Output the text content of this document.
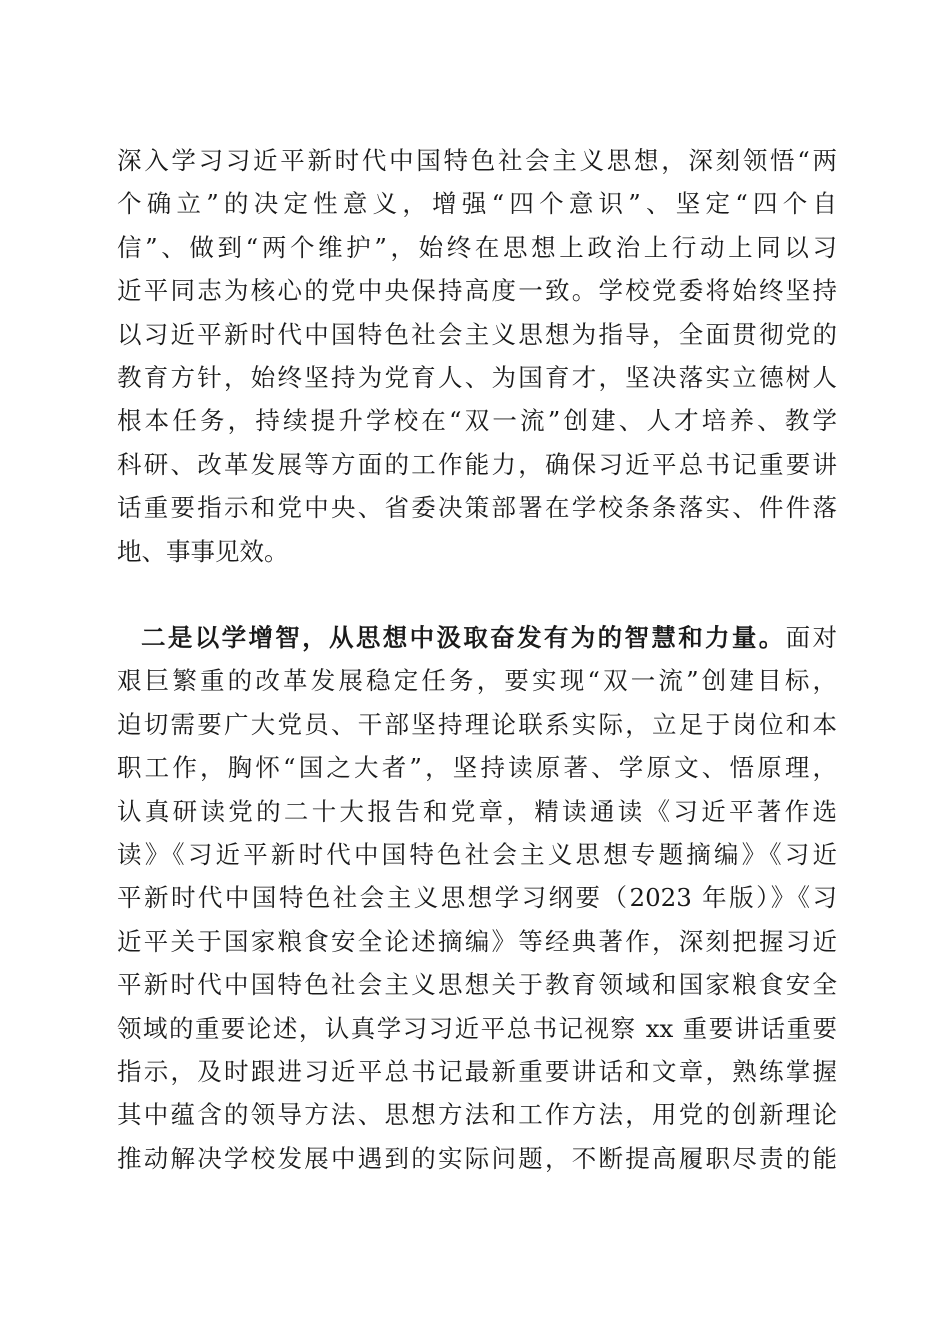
深入学习习近平新时代中国特色社会主义思想，深刻领悟“两
个确立”的决定性意义，增强“四个意识”、坚定“四个自
信”、做到“两个维护”，始终在思想上政治上行动上同以习
近平同志为核心的党中央保持高度一致。学校党委将始终坚持
以习近平新时代中国特色社会主义思想为指导，全面贯彻党的
教育方针，始终坚持为党育人、为国育才，坚决落实立德树人
根本任务，持续提升学校在“双一流”创建、人才培养、教学
科研、改革发展等方面的工作能力，确保习近平总书记重要讲
话重要指示和党中央、省委决策部署在学校条条落实、件件落
地、事事见效。
二是以学增智，从思想中汲取奋发有为的智慧和力量。面对
艰巨繁重的改革发展稳定任务，要实现“双一流”创建目标，
迫切需要广大党员、干部坚持理论联系实际，立足于岗位和本
职工作，胸怀“国之大者”，坚持读原著、学原文、悟原理，
认真研读党的二十大报告和党章，精读通读《习近平著作选
读》《习近平新时代中国特色社会主义思想专题摘编》《习近
平新时代中国特色社会主义思想学习纲要（2023 年版）》《习
近平关于国家粮食安全论述摘编》等经典著作，深刻把握习近
平新时代中国特色社会主义思想关于教育领域和国家粮食安全
领域的重要论述，认真学习习近平总书记视察 xx 重要讲话重要
指示，及时跟进习近平总书记最新重要讲话和文章，熟练掌握
其中蕴含的领导方法、思想方法和工作方法，用党的创新理论
推动解决学校发展中遇到的实际问题，不断提高履职尽责的能
